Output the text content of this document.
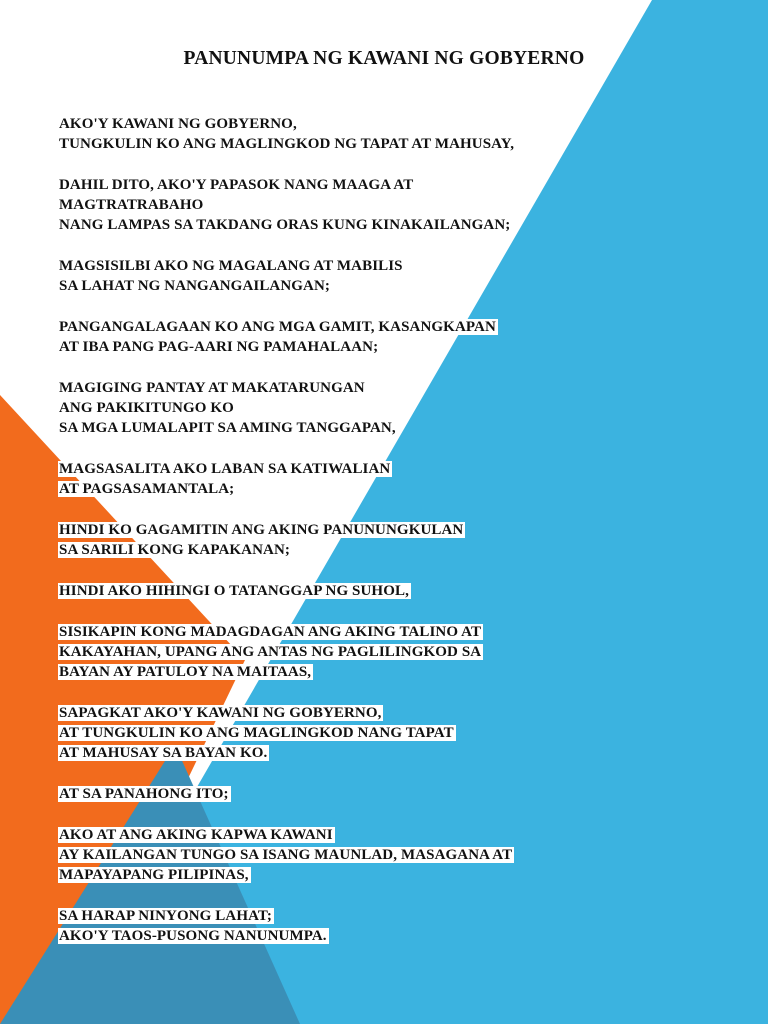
PANUNUMPA NG KAWANI NG GOBYERNO
AKO'Y KAWANI NG GOBYERNO,
TUNGKULIN KO ANG MAGLINGKOD NG TAPAT AT MAHUSAY,
DAHIL DITO, AKO'Y PAPASOK NANG MAAGA AT
MAGTRATRABAHO
NANG LAMPAS SA TAKDANG ORAS KUNG KINAKAILANGAN;
MAGSISILBI AKO NG MAGALANG AT MABILIS
SA LAHAT NG NANGANGAILANGAN;
PANGANGALAGAAN KO ANG MGA GAMIT, KASANGKAPAN
AT IBA PANG PAG-AARI NG PAMAHALAAN;
MAGIGING PANTAY AT MAKATARUNGAN
ANG PAKIKITUNGO KO
SA MGA LUMALAPIT SA AMING TANGGAPAN,
MAGSASALITA AKO LABAN SA KATIWALIAN
AT PAGSASAMANTALA;
HINDI KO GAGAMITIN ANG AKING PANUNUNGKULAN
SA SARILI KONG KAPAKANAN;
HINDI AKO HIHINGI O TATANGGAP NG SUHOL,
SISIKAPIN KONG MADAGDAGAN ANG AKING TALINO AT
KAKAYAHAN, UPANG ANG ANTAS NG PAGLILINGKOD SA
BAYAN AY PATULOY NA MAITAAS,
SAPAGKAT AKO'Y KAWANI NG GOBYERNO,
AT TUNGKULIN KO ANG MAGLINGKOD NANG TAPAT
AT MAHUSAY SA BAYAN KO.
AT SA PANAHONG ITO;
AKO AT ANG AKING KAPWA KAWANI
AY KAILANGAN TUNGO SA ISANG MAUNLAD, MASAGANA AT
MAPAYAPANG PILIPINAS,
SA HARAP NINYONG LAHAT;
AKO'Y TAOS-PUSONG NANUNUMPA.
